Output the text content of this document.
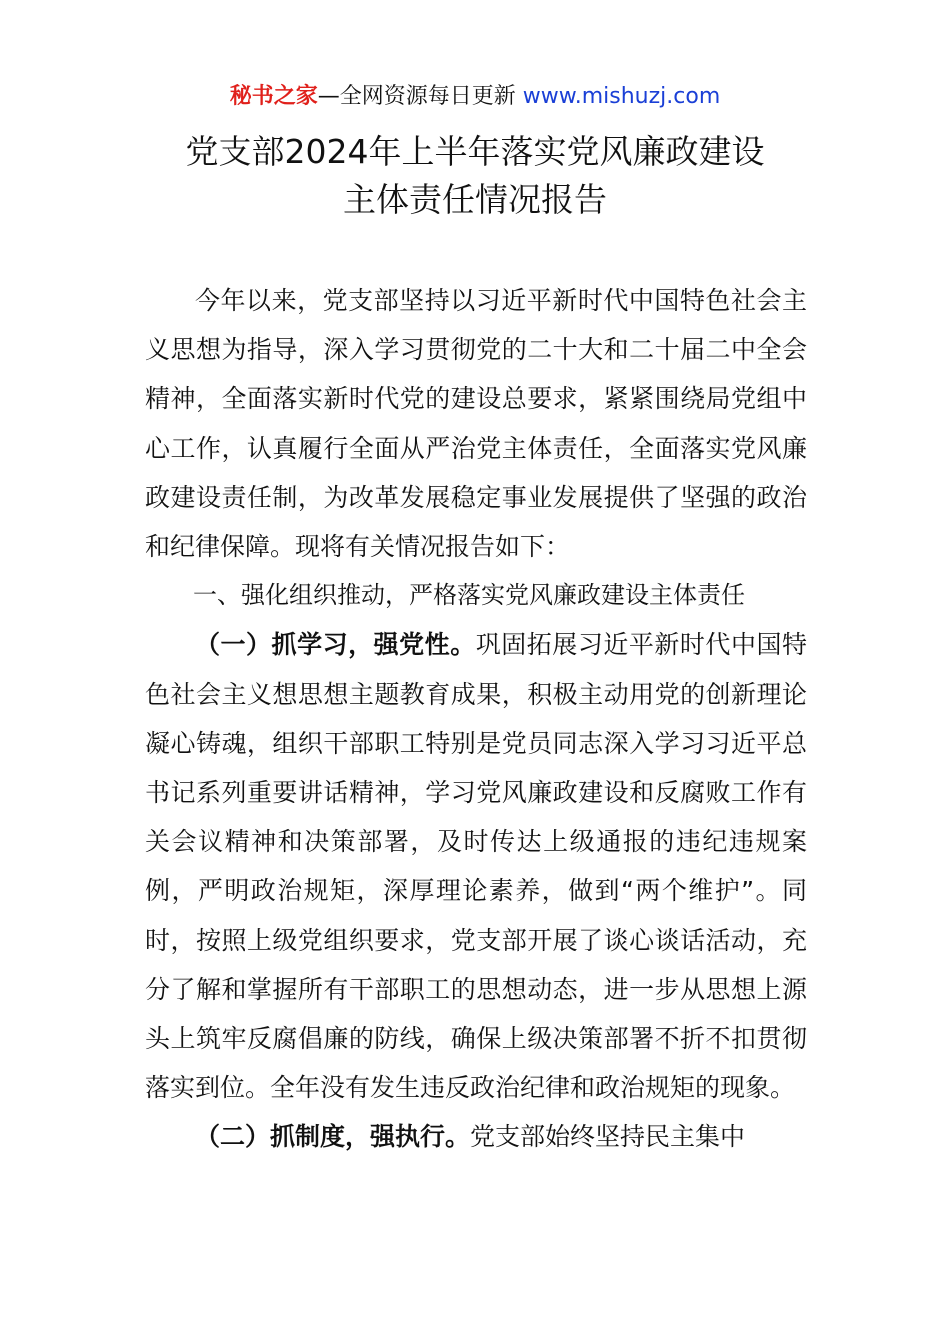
秘书之家—全网资源每日更新 www.mishuzj.com
党支部2024年上半年落实党风廉政建设
主体责任情况报告

今年以来，党支部坚持以习近平新时代中国特色社会主义思想为指导，深入学习贯彻党的二十大和二十届二中全会精神，全面落实新时代党的建设总要求，紧紧围绕局党组中心工作，认真履行全面从严治党主体责任，全面落实党风廉政建设责任制，为改革发展稳定事业发展提供了坚强的政治和纪律保障。现将有关情况报告如下：

一、强化组织推动，严格落实党风廉政建设主体责任

（一）抓学习，强党性。巩固拓展习近平新时代中国特色社会主义想思想主题教育成果，积极主动用党的创新理论凝心铸魂，组织干部职工特别是党员同志深入学习习近平总书记系列重要讲话精神，学习党风廉政建设和反腐败工作有关会议精神和决策部署，及时传达上级通报的违纪违规案例，严明政治规矩，深厚理论素养，做到“两个维护”。同时，按照上级党组织要求，党支部开展了谈心谈话活动，充分了解和掌握所有干部职工的思想动态，进一步从思想上源头上筑牢反腐倡廉的防线，确保上级决策部署不折不扣贯彻落实到位。全年没有发生违反政治纪律和政治规矩的现象。

（二）抓制度，强执行。党支部始终坚持民主集中
